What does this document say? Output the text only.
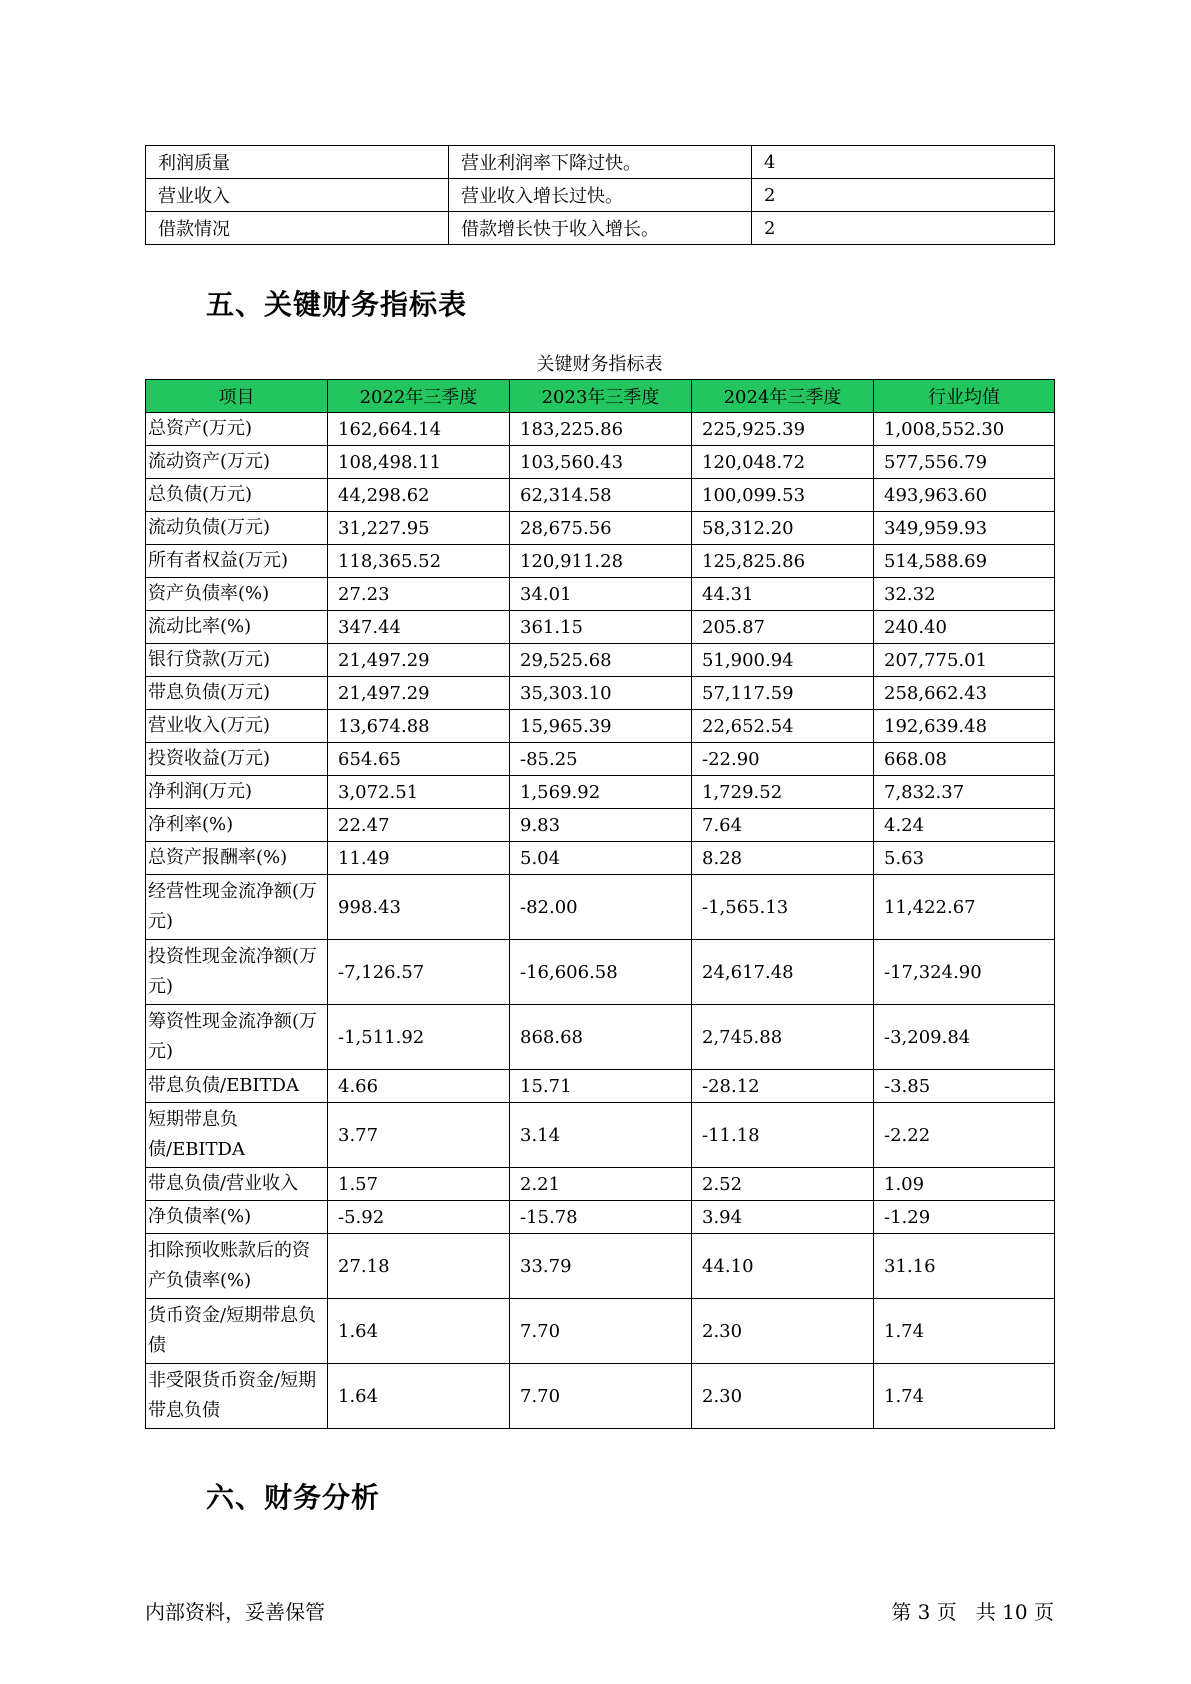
利润质量	营业利润率下降过快。	4
营业收入	营业收入增长过快。	2
借款情况	借款增长快于收入增长。	2
五、关键财务指标表
关键财务指标表
项目	2022年三季度	2023年三季度	2024年三季度	行业均值
总资产(万元)	162,664.14	183,225.86	225,925.39	1,008,552.30
流动资产(万元)	108,498.11	103,560.43	120,048.72	577,556.79
总负债(万元)	44,298.62	62,314.58	100,099.53	493,963.60
流动负债(万元)	31,227.95	28,675.56	58,312.20	349,959.93
所有者权益(万元)	118,365.52	120,911.28	125,825.86	514,588.69
资产负债率(%)	27.23	34.01	44.31	32.32
流动比率(%)	347.44	361.15	205.87	240.40
银行贷款(万元)	21,497.29	29,525.68	51,900.94	207,775.01
带息负债(万元)	21,497.29	35,303.10	57,117.59	258,662.43
营业收入(万元)	13,674.88	15,965.39	22,652.54	192,639.48
投资收益(万元)	654.65	-85.25	-22.90	668.08
净利润(万元)	3,072.51	1,569.92	1,729.52	7,832.37
净利率(%)	22.47	9.83	7.64	4.24
总资产报酬率(%)	11.49	5.04	8.28	5.63
经营性现金流净额(万元)	998.43	-82.00	-1,565.13	11,422.67
投资性现金流净额(万元)	-7,126.57	-16,606.58	24,617.48	-17,324.90
筹资性现金流净额(万元)	-1,511.92	868.68	2,745.88	-3,209.84
带息负债/EBITDA	4.66	15.71	-28.12	-3.85
短期带息负债/EBITDA	3.77	3.14	-11.18	-2.22
带息负债/营业收入	1.57	2.21	2.52	1.09
净负债率(%)	-5.92	-15.78	3.94	-1.29
扣除预收账款后的资产负债率(%)	27.18	33.79	44.10	31.16
货币资金/短期带息负债	1.64	7.70	2.30	1.74
非受限货币资金/短期带息负债	1.64	7.70	2.30	1.74
六、财务分析
内部资料，妥善保管	第 3 页   共 10 页
